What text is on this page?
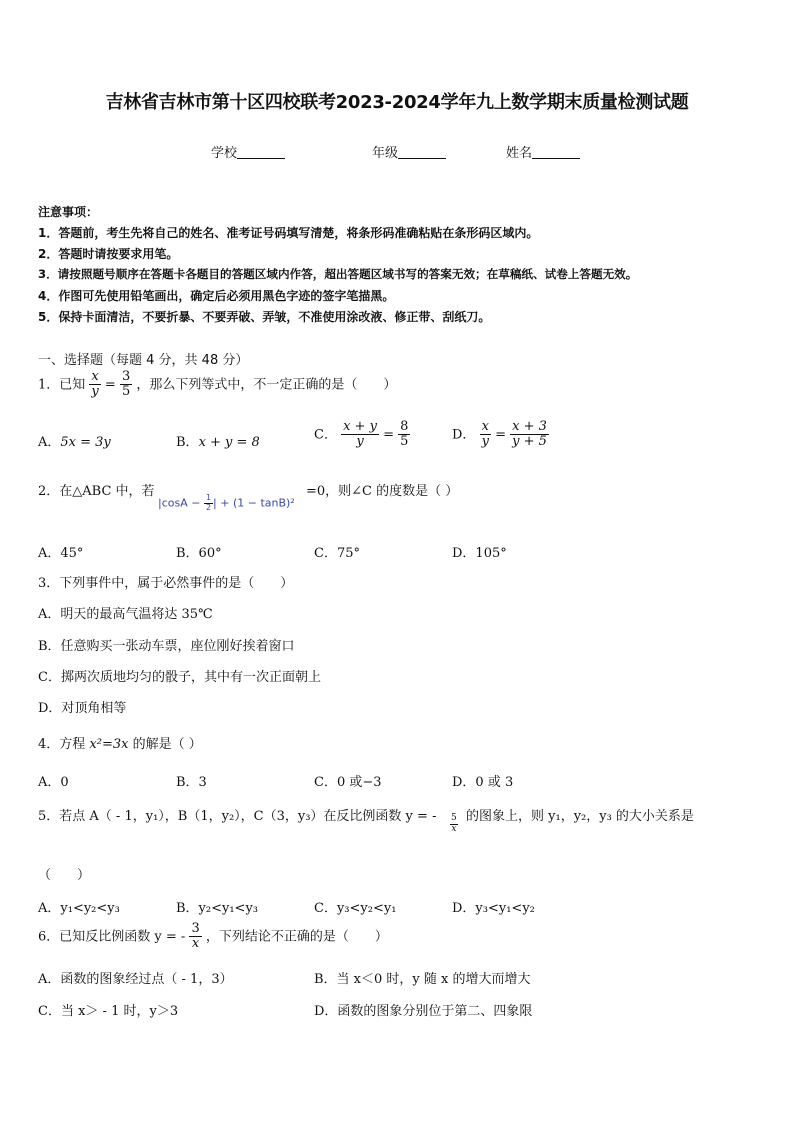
吉林省吉林市第十区四校联考2023-2024学年九上数学期末质量检测试题
学校	年级	姓名
注意事项：
1．答题前，考生先将自己的姓名、准考证号码填写清楚，将条形码准确粘贴在条形码区域内。
2．答题时请按要求用笔。
3．请按照题号顺序在答题卡各题目的答题区域内作答，超出答题区域书写的答案无效；在草稿纸、试卷上答题无效。
4．作图可先使用铅笔画出，确定后必须用黑色字迹的签字笔描黑。
5．保持卡面清洁，不要折暴、不要弄破、弄皱，不准使用涂改液、修正带、刮纸刀。
一、选择题（每题 4 分，共 48 分）
1．已知 $\frac{x}{y} = \frac{3}{5}$ ，那么下列等式中，不一定正确的是（　　）
A．5x = 3y	B．x + y = 8
C． $\frac{x + y}{y} = \frac{8}{5}$	D． $\frac{x}{y} = \frac{x + 3}{y + 5}$
2．在△ABC 中，若
$|\cos A - \frac{1}{2}$ | + (1 − tanB)²
=0，则∠C 的度数是（ ）
A．45°	B．60°	C．75°	D．105°
3．下列事件中，属于必然事件的是（　　）
A．明天的最高气温将达 35℃
B．任意购买一张动车票，座位刚好挨着窗口
C．掷两次质地均匀的骰子，其中有一次正面朝上
D．对顶角相等
4．方程 x²=3x 的解是（ ）
A．0	B．3	C．0 或−3	D．0 或 3
5．若点 A（ - 1，y₁），B（1，y₂），C（3，y₃）在反比例函数 y = - 5
x
的图象上，则 y₁，y₂，y₃ 的大小关系是
（　　）
A．y₁<y₂<y₃	B．y₂<y₁<y₃	C．y₃<y₂<y₁	D．y₃<y₁<y₂
6．已知反比例函数 y = - $\frac{3}{x}$ ，下列结论不正确的是（　　）
A．函数的图象经过点（ - 1，3）	B．当 x＜0 时，y 随 x 的增大而增大
C．当 x＞ - 1 时，y＞3	D．函数的图象分别位于第二、四象限
